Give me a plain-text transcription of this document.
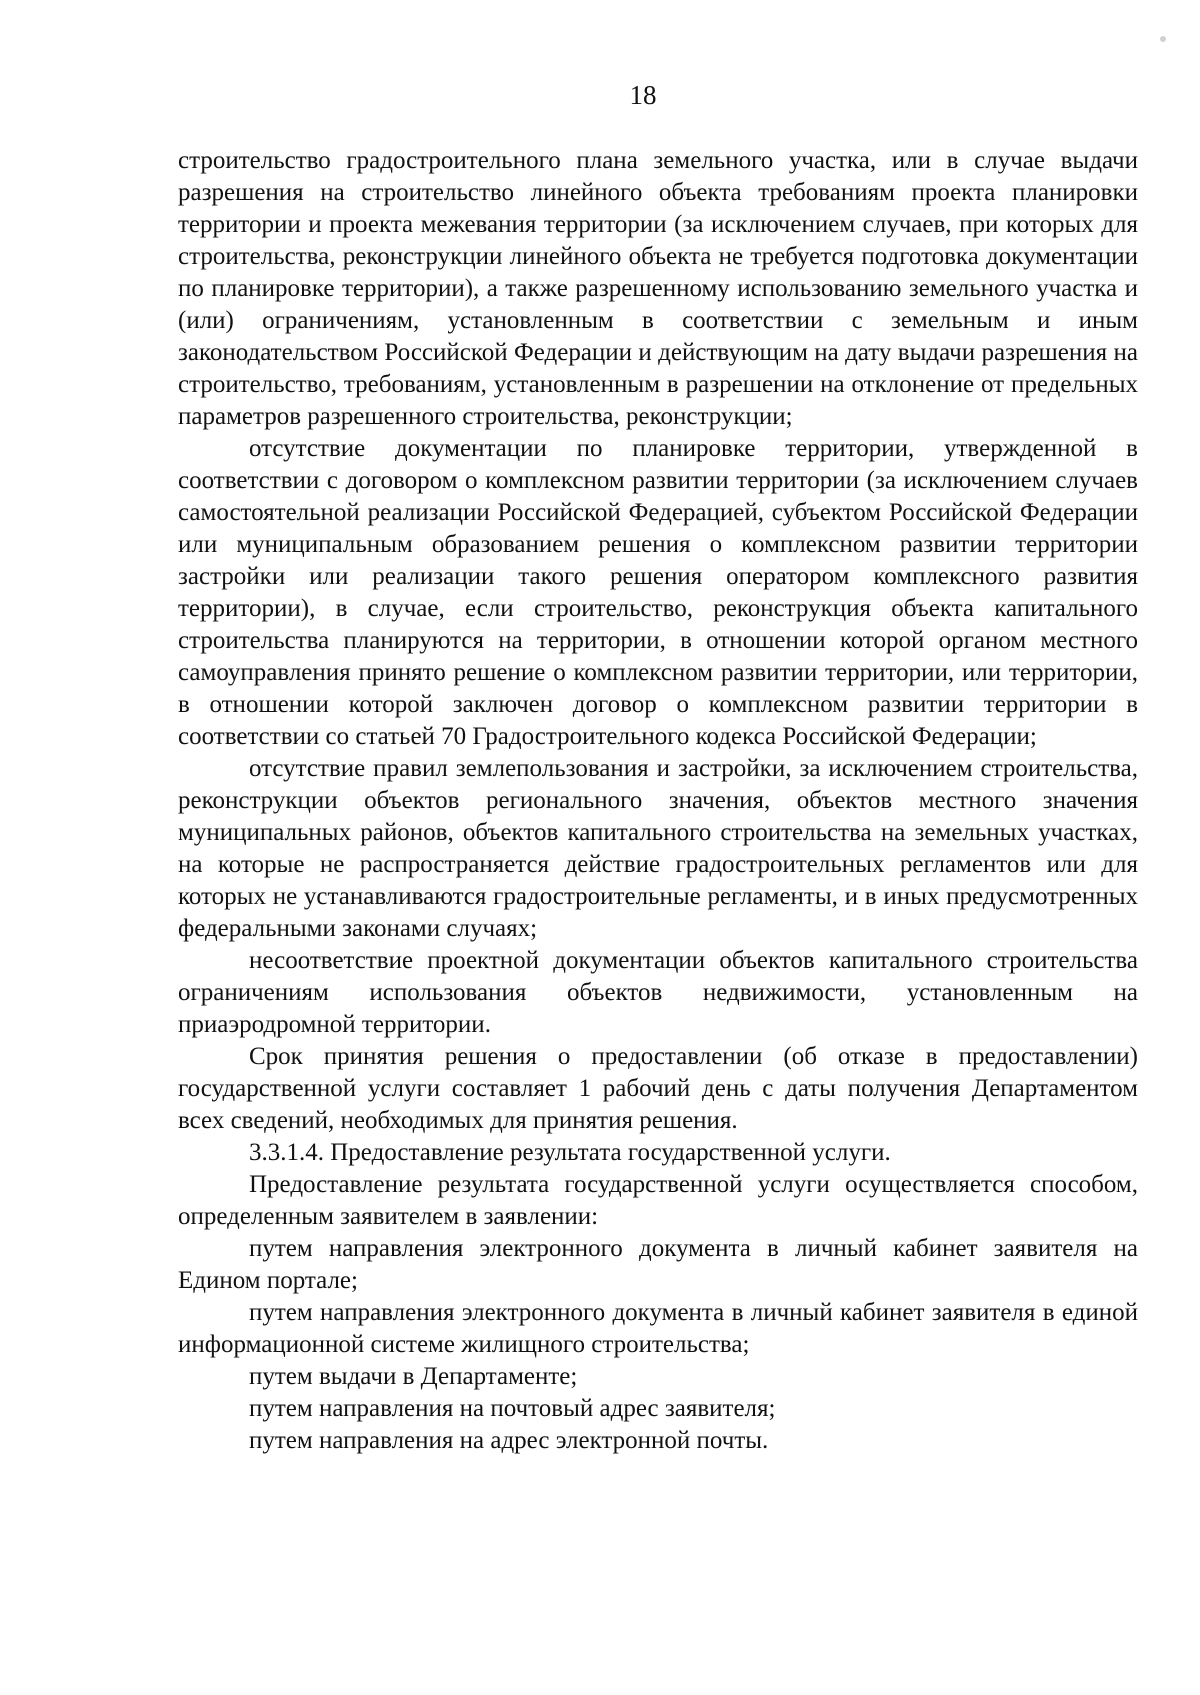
18

строительство градостроительного плана земельного участка, или в случае выдачи разрешения на строительство линейного объекта требованиям проекта планировки территории и проекта межевания территории (за исключением случаев, при которых для строительства, реконструкции линейного объекта не требуется подготовка документации по планировке территории), а также разрешенному использованию земельного участка и (или) ограничениям, установленным в соответствии с земельным и иным законодательством Российской Федерации и действующим на дату выдачи разрешения на строительство, требованиям, установленным в разрешении на отклонение от предельных параметров разрешенного строительства, реконструкции;

отсутствие документации по планировке территории, утвержденной в соответствии с договором о комплексном развитии территории (за исключением случаев самостоятельной реализации Российской Федерацией, субъектом Российской Федерации или муниципальным образованием решения о комплексном развитии территории застройки или реализации такого решения оператором комплексного развития территории), в случае, если строительство, реконструкция объекта капитального строительства планируются на территории, в отношении которой органом местного самоуправления принято решение о комплексном развитии территории, или территории, в отношении которой заключен договор о комплексном развитии территории в соответствии со статьей 70 Градостроительного кодекса Российской Федерации;

отсутствие правил землепользования и застройки, за исключением строительства, реконструкции объектов регионального значения, объектов местного значения муниципальных районов, объектов капитального строительства на земельных участках, на которые не распространяется действие градостроительных регламентов или для которых не устанавливаются градостроительные регламенты, и в иных предусмотренных федеральными законами случаях;

несоответствие проектной документации объектов капитального строительства ограничениям использования объектов недвижимости, установленным на приаэродромной территории.

Срок принятия решения о предоставлении (об отказе в предоставлении) государственной услуги составляет 1 рабочий день с даты получения Департаментом всех сведений, необходимых для принятия решения.

3.3.1.4. Предоставление результата государственной услуги.

Предоставление результата государственной услуги осуществляется способом, определенным заявителем в заявлении:

путем направления электронного документа в личный кабинет заявителя на Едином портале;

путем направления электронного документа в личный кабинет заявителя в единой информационной системе жилищного строительства;

путем выдачи в Департаменте;

путем направления на почтовый адрес заявителя;

путем направления на адрес электронной почты.
